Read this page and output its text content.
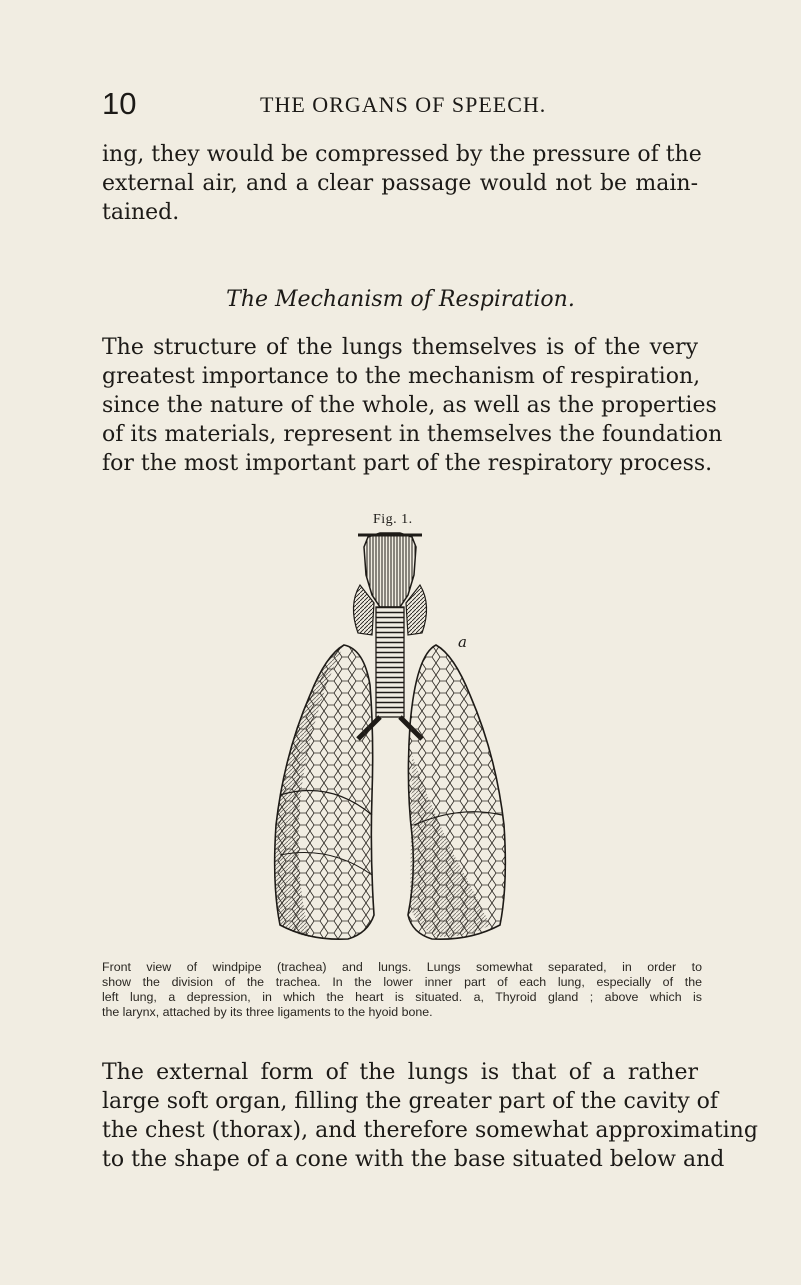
10	THE ORGANS OF SPEECH.

ing, they would be compressed by the pressure of the
external air, and a clear passage would not be main-
tained.

The Mechanism of Respiration.

The structure of the lungs themselves is of the very
greatest importance to the mechanism of respiration,
since the nature of the whole, as well as the properties
of its materials, represent in themselves the foundation
for the most important part of the respiratory process.

Fig. 1.
a
Front view of windpipe (trachea) and lungs. Lungs somewhat separated, in order to
show the division of the trachea. In the lower inner part of each lung, especially of the
left lung, a depression, in which the heart is situated. a, Thyroid gland ; above which is
the larynx, attached by its three ligaments to the hyoid bone.

The external form of the lungs is that of a rather
large soft organ, filling the greater part of the cavity of
the chest (thorax), and therefore somewhat approximating
to the shape of a cone with the base situated below and
